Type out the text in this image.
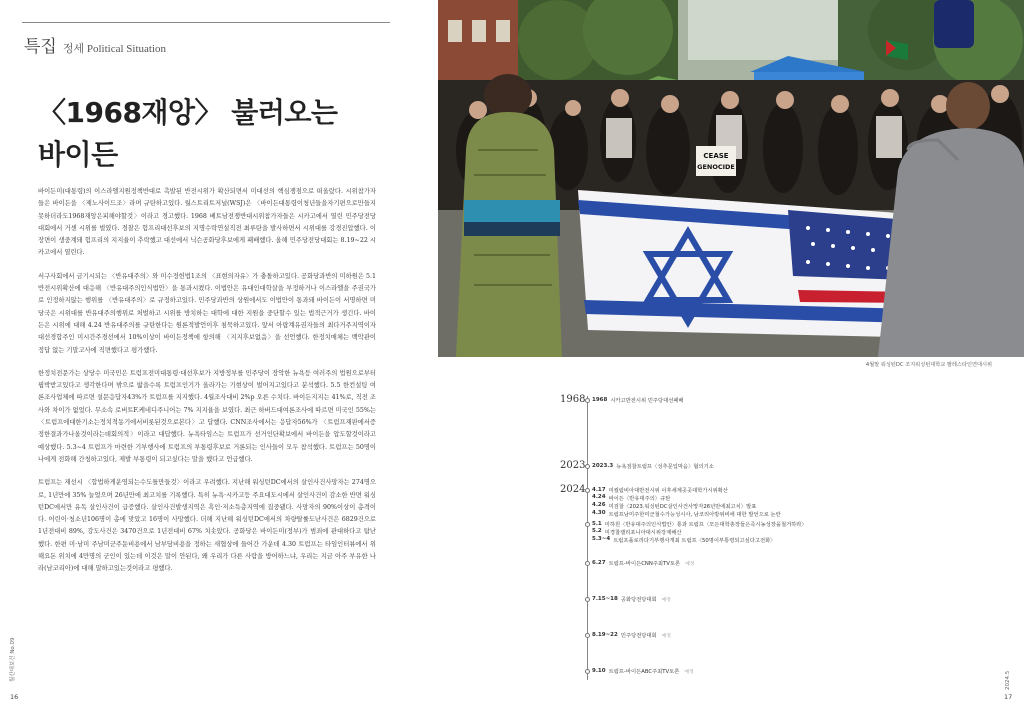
특집 정세 Political Situation
〈1968재앙〉 불러오는
바이든

바이든미(대통령)의 이스라엘지원정책반대로 촉발된 반전시위가 확산되면서 미대선의 핵심쟁점으로 떠올랐다. 시위참가자들은 바이든을 〈제노사이드조〉라며 규탄하고있다. 월스트리트저널(WSJ)은 〈바이든대통령이청년들을자기편으로만들지못하더라도1968재앙은피해야할것〉이라고 경고했다. 1968 베트남전쟁반대시위참가자들은 시카고에서 열린 민주당전당대회에서 거센 시위를 벌였다. 경찰은 험프리대선후보의 지명수락연설직전 최루탄을 발사하면서 시위대를 강경진압했다. 이장면이 생중계돼 험프리의 지지율이 추락했고 대선에서 닉슨공화당후보에게 패배했다. 올해 민주당전당대회는 8.19~22 시카고에서 열린다.

서구사회에서 금기시되는 〈반유대주의〉와 미수정헌법1조의 〈표현의자유〉가 충돌하고있다. 공화당과반의 미하원은 5.1 반전시위확산에 대응해 〈반유대주의인식법안〉을 통과시켰다. 이법안은 유대인대학살을 부정하거나 이스라엘을 주권국가로 인정하지않는 행위를 〈반유대주의〉로 규정하고있다. 민주당과반의 상원에서도 이법안이 통과돼 바이든이 서명하면 미당국은 시위대를 반유대주의행위로 처벌하고 시위를 방치하는 대학에 대한 지원을 중단할수 있는 법적근거가 생긴다. 바이든은 시위에 대해 4.24 반유대주의를 규탄한다는 원론적발언이후 침묵하고있다. 앞서 아랍계유권자들의 최다거주지역이자 대선경합주인 미시간주경선에서 10%이상이 바이든정책에 항의해 〈지지후보없음〉을 선언했다. 한정치매체는 백악관이 정답 없는 기말고사에 직면했다고 평가했다.

한정치전문가는 상당수 미국민은 트럼프전미대통령·대선후보가 지방정부를 민주당이 장악한 뉴욕등 여러주의 법원으로부터 핍박받고있다고 생각한다며 밖으로 밟을수록 트럼프인기가 올라가는 기현상이 벌어지고있다고 분석했다. 5.5 한컨설팅 여론조사업체에 따르면 설문응답자43%가 트럼프를 지지했다. 4월조사대비 2%p 오른 수치다. 바이든지지는 41%로, 직전 조사와 차이가 없었다. 무소속 로버트F.케네디주니어는 7% 지지율을 보였다. 최근 하버드대여론조사에 따르면 미국인 55%는 〈트럼프에대한기소는정치적동기에서비롯된것으로본다〉고 답했다. CNN조사에서는 응답자56%가 〈트럼프재판에서증정한결과가나올것이라는데회의적〉이라고 대답했다. 뉴욕타임스는 트럼프가 선거인단확보에서 바이든을 압도할것이라고 예상했다. 5.3~4 트럼프가 마련한 기부행사에 트럼프의 부통령후보로 거론되는 인사들이 모두 참석했다. 트럼프는 50명이 나에게 전화해 간청하고있다, 제발 부통령이 되고싶다는 말을 했다고 언급했다.

트럼프는 재선시 〈합법하게운영되는수도틀만들것〉이라고 우려했다. 지난해 워싱턴DC에서의 살인사건사망자는 274명으로, 1년만에 35% 늘었으며 26년만에 최고치를 기록했다. 특히 뉴욕·시카고등 주요대도시에서 살인사건이 감소한 반면 워싱턴DC에서만 유독 살인사건이 급증했다. 살인사건발생지역은 흑인·저소득층지역에 집중됐다. 사망자의 90%이상이 총격이다. 어린이·청소년106명이 총에 맞았고 16명이 사망했다. 더해 지난해 워싱턴DC에서의 차량탈률도난사건은 6829건으로 1년전대비 89%, 강도사건은 3470건으로 1년전대비 67% 치솟았다. 공화당은 바이든미(정부)가 범죄에 관대하다고 탐난했다. 한편 미·남미 주남미군주둔비용에서 남부담비용을 정하는 새협상에 들어간 가운데 4.30 트럼프는 타임인터뷰에서 위해요돈 위치에 4만명의 군인이 있는데 이것은 말이 안된다, 왜 우리가 다른 사람을 방어하느냐, 우리는 지금 아주 부유한 나라(남코리아)에 대해 말하고있는것이라고 평했다.

월간대보건 No.09
16
CEASE
GENOCIDE
4월말 워싱턴DC 조지워싱턴대학교 팔레스타인연대시위
1968
2023
2024
1968 시카고반전시위 민주당대선패배
2023.3 뉴욕검찰트럼프〈성추문입막음〉혐의기소
4.17 미컬럼비아대반전시위 이후세계곳곳대학가시위확산
4.24 바이든〈반유대주의〉규탄
4.26 미검찰〈2023.워싱턴DC살인사건사망자26년만에최고치〉발표
4.30 트럼프남미주한미군철수가능성시사, 남코리아방위비에 대한 발언으로 논란
5.1 미하원〈반유대주의인식법안〉통과 트럼프〈모든대학총장들은즉시농성장을철거하라〉
5.2 미경찰캘리포니아대시위강제해산
5.3~4 트럼프플로리다기부행사개최 트럼프〈50명이부통령되고싶다고전화〉
6.27 트럼프-바이든CNN주최TV토론 예정
7.15~18 공화당전당대회 예정
8.19~22 민주당전당대회 예정
9.10 트럼프-바이든ABC주최TV토론 예정	2024.5
17
